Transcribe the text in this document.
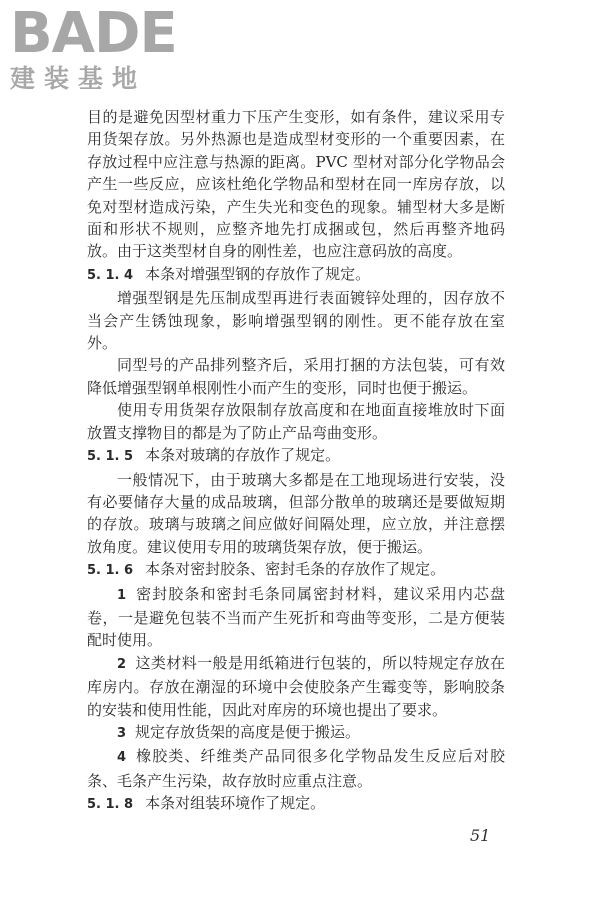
BADE
建装基地

目的是避免因型材重力下压产生变形，如有条件，建议采用专用货架存放。另外热源也是造成型材变形的一个重要因素，在存放过程中应注意与热源的距离。PVC 型材对部分化学物品会产生一些反应，应该杜绝化学物品和型材在同一库房存放，以免对型材造成污染，产生失光和变色的现象。辅型材大多是断面和形状不规则，应整齐地先打成捆或包，然后再整齐地码放。由于这类型材自身的刚性差，也应注意码放的高度。

5. 1. 4 本条对增强型钢的存放作了规定。

增强型钢是先压制成型再进行表面镀锌处理的，因存放不当会产生锈蚀现象，影响增强型钢的刚性。更不能存放在室外。

同型号的产品排列整齐后，采用打捆的方法包装，可有效降低增强型钢单根刚性小而产生的变形，同时也便于搬运。

使用专用货架存放限制存放高度和在地面直接堆放时下面放置支撑物目的都是为了防止产品弯曲变形。

5. 1. 5 本条对玻璃的存放作了规定。

一般情况下，由于玻璃大多都是在工地现场进行安装，没有必要储存大量的成品玻璃，但部分散单的玻璃还是要做短期的存放。玻璃与玻璃之间应做好间隔处理，应立放，并注意摆放角度。建议使用专用的玻璃货架存放，便于搬运。

5. 1. 6 本条对密封胶条、密封毛条的存放作了规定。

1 密封胶条和密封毛条同属密封材料，建议采用内芯盘卷，一是避免包装不当而产生死折和弯曲等变形，二是方便装配时使用。

2 这类材料一般是用纸箱进行包装的，所以特规定存放在库房内。存放在潮湿的环境中会使胶条产生霉变等，影响胶条的安装和使用性能，因此对库房的环境也提出了要求。

3 规定存放货架的高度是便于搬运。

4 橡胶类、纤维类产品同很多化学物品发生反应后对胶条、毛条产生污染，故存放时应重点注意。

5. 1. 8 本条对组装环境作了规定。

51
